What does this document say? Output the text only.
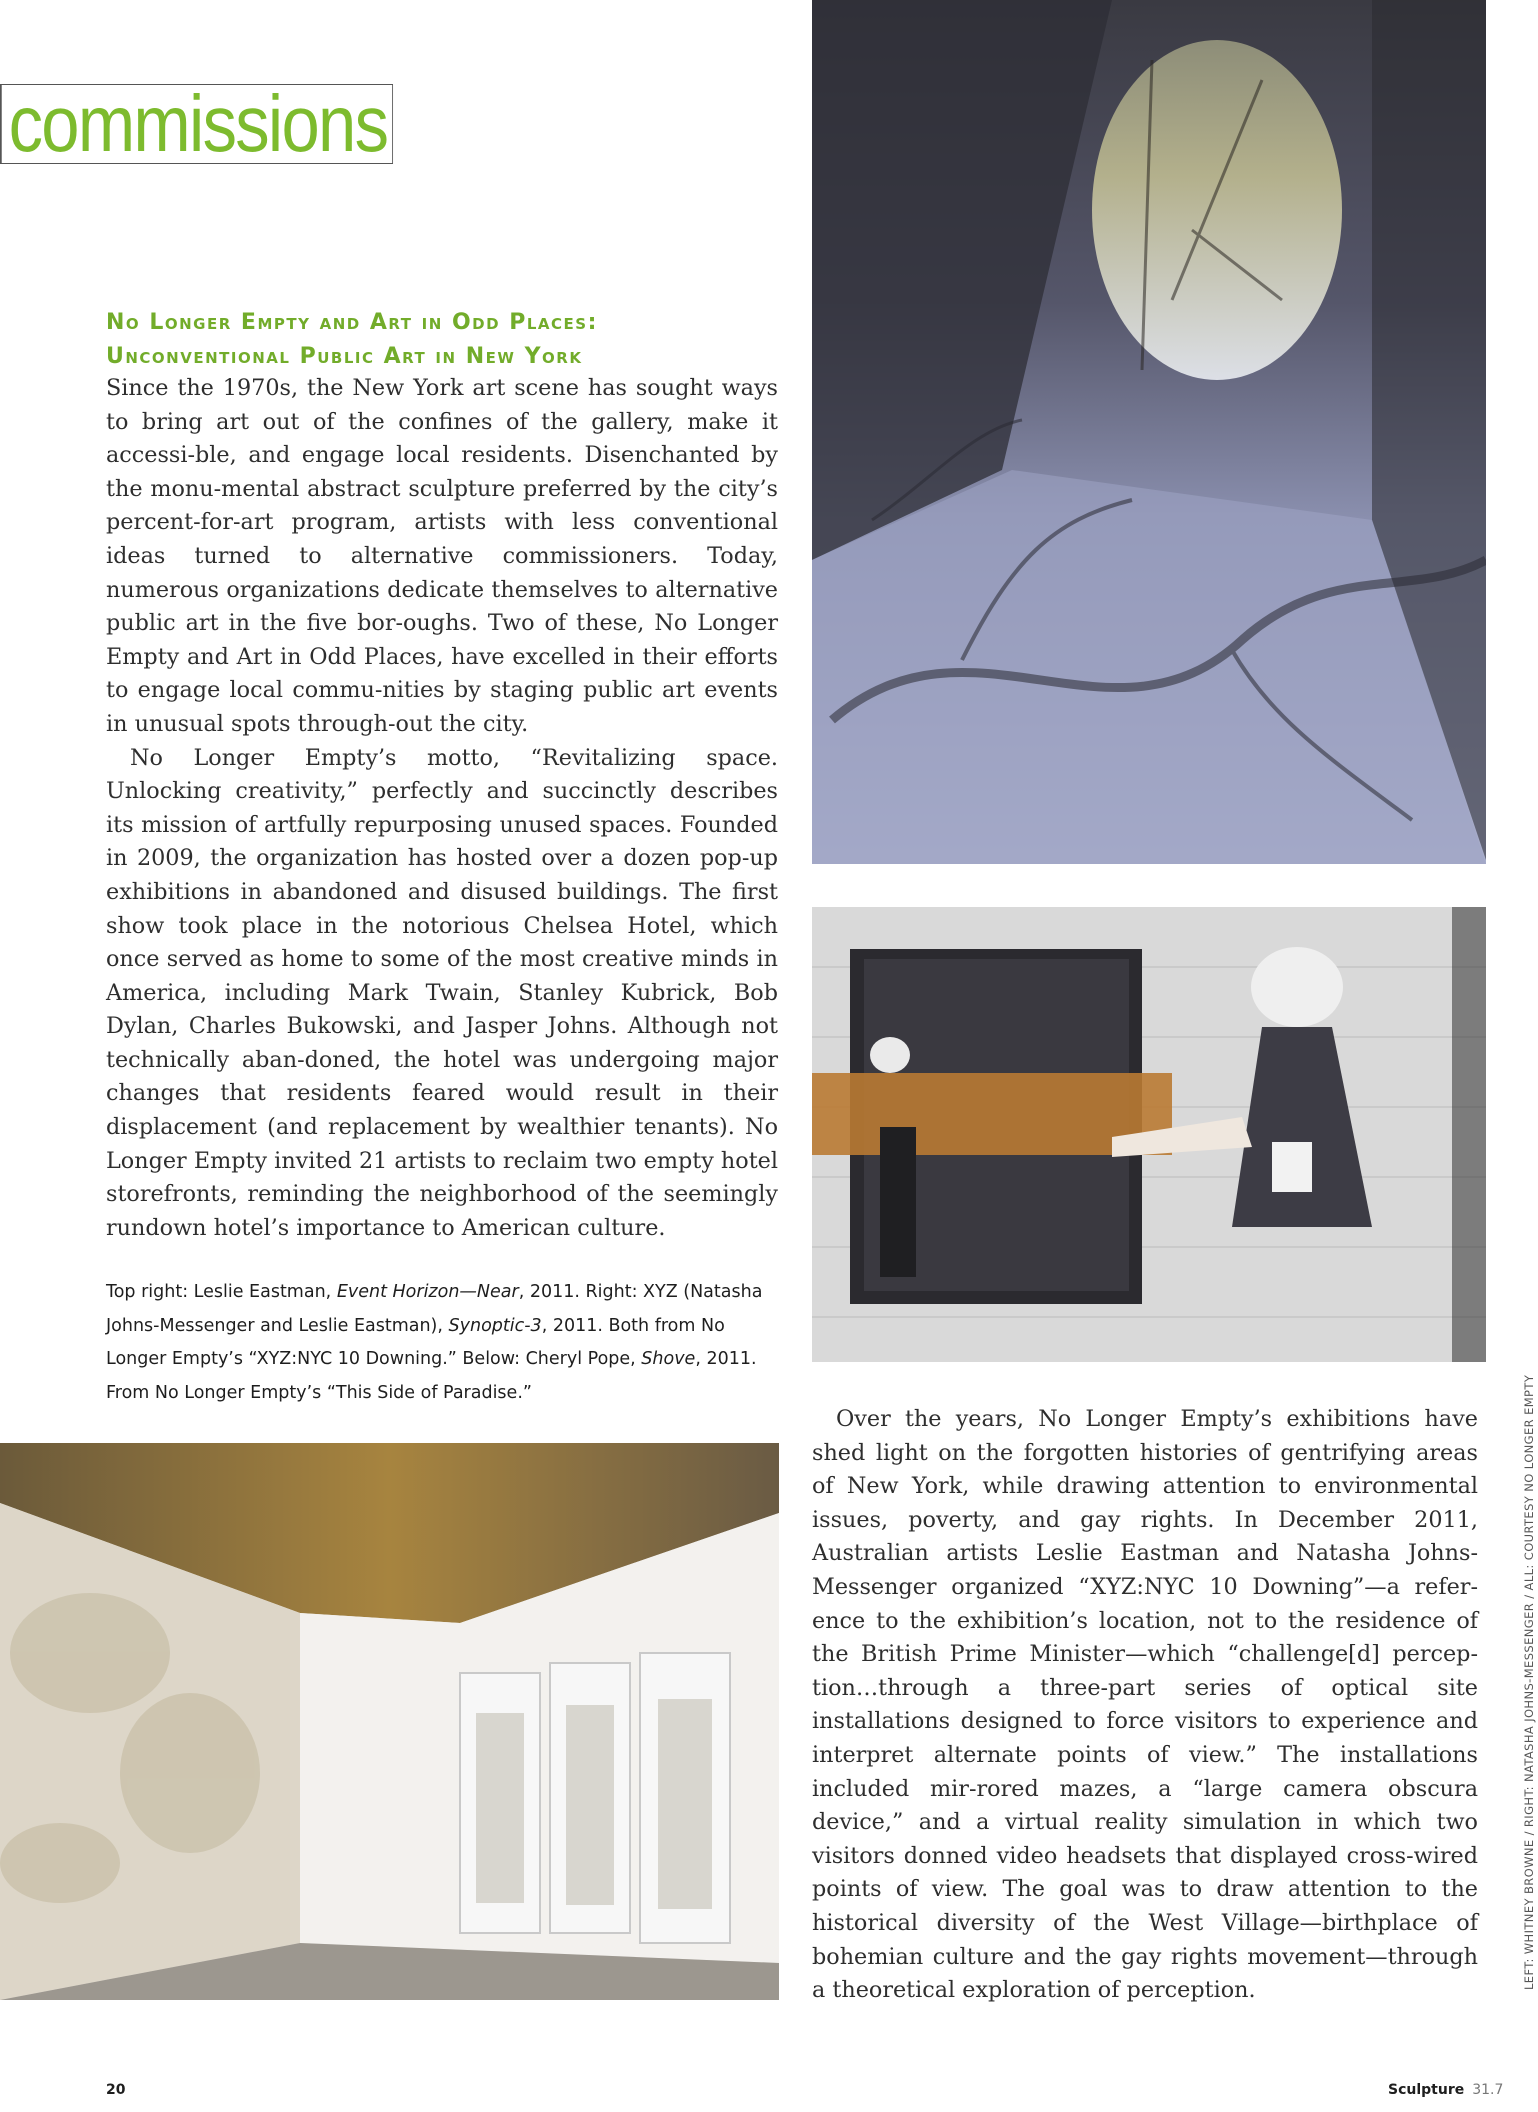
commissions
No Longer Empty and Art in Odd Places:
Unconventional Public Art in New York

Since the 1970s, the New York art scene has sought ways to bring art out of the confines of the gallery, make it accessi-ble, and engage local residents. Disenchanted by the monu-mental abstract sculpture preferred by the city’s percent-for-art program, artists with less conventional ideas turned to alternative commissioners. Today, numerous organizations dedicate themselves to alternative public art in the five bor-oughs. Two of these, No Longer Empty and Art in Odd Places, have excelled in their efforts to engage local commu-nities by staging public art events in unusual spots through-out the city.

No Longer Empty’s motto, “Revitalizing space. Unlocking creativity,” perfectly and succinctly describes its mission of artfully repurposing unused spaces. Founded in 2009, the organization has hosted over a dozen pop-up exhibitions in abandoned and disused buildings. The first show took place in the notorious Chelsea Hotel, which once served as home to some of the most creative minds in America, including Mark Twain, Stanley Kubrick, Bob Dylan, Charles Bukowski, and Jasper Johns. Although not technically aban-doned, the hotel was undergoing major changes that residents feared would result in their displacement (and replacement by wealthier tenants). No Longer Empty invited 21 artists to reclaim two empty hotel storefronts, reminding the neighborhood of the seemingly rundown hotel’s importance to American culture.

Top right: Leslie Eastman, Event Horizon—Near, 2011. Right: XYZ (Natasha Johns-Messenger and Leslie Eastman), Synoptic-3, 2011. Both from No Longer Empty’s “XYZ:NYC 10 Downing.” Below: Cheryl Pope, Shove, 2011. From No Longer Empty’s “This Side of Paradise.”

Over the years, No Longer Empty’s exhibitions have shed light on the forgotten histories of gentrifying areas of New York, while drawing attention to environmental issues, poverty, and gay rights. In December 2011, Australian artists Leslie Eastman and Natasha Johns-Messenger organized “XYZ:NYC 10 Downing”—a refer-ence to the exhibition’s location, not to the residence of the British Prime Minister—which “challenge[d] percep-tion…through a three-part series of optical site installations designed to force visitors to experience and interpret alternate points of view.” The installations included mir-rored mazes, a “large camera obscura device,” and a virtual reality simulation in which two visitors donned video headsets that displayed cross-wired points of view. The goal was to draw attention to the historical diversity of the West Village—birthplace of bohemian culture and the gay rights movement—through a theoretical exploration of perception.

LEFT: WHITNEY BROWNE / RIGHT: NATASHA JOHNS-MESSENGER / ALL: COURTESY NO LONGER EMPTY
20	Sculpture 31.7
